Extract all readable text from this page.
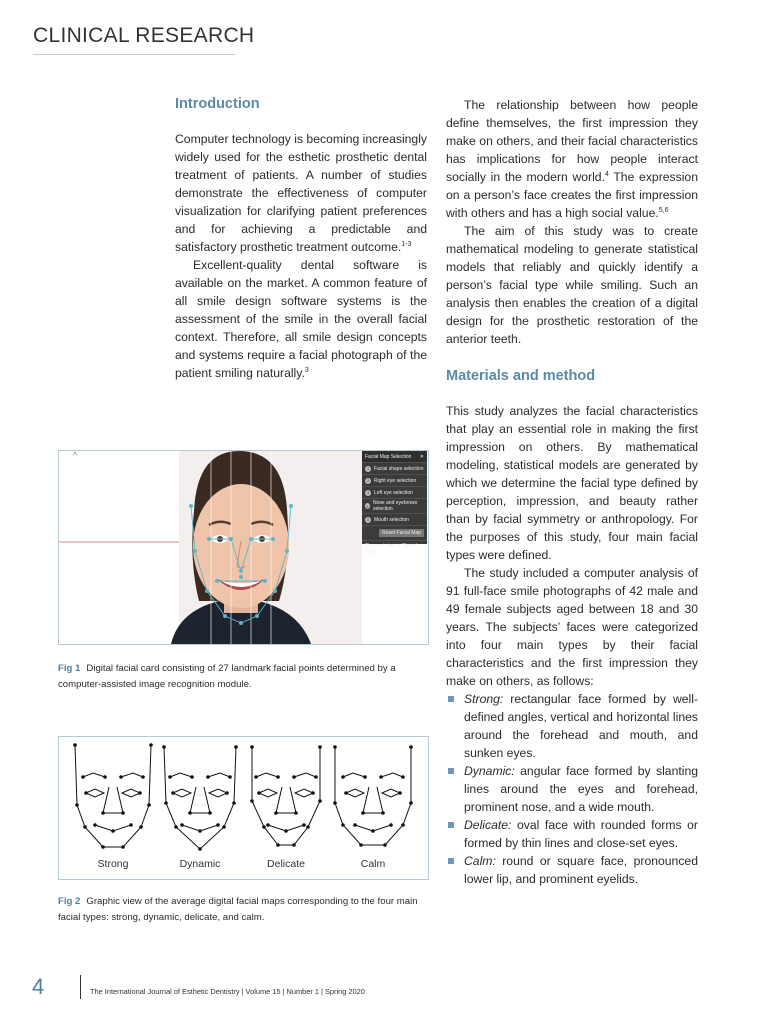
CLINICAL RESEARCH
Introduction

Computer technology is becoming increasingly widely used for the esthetic prosthetic dental treatment of patients. A number of studies demonstrate the effectiveness of computer visualization for clarifying patient preferences and for achieving a predictable and satisfactory prosthetic treatment outcome.$^{1-3}$

Excellent-quality dental software is available on the market. A common feature of all smile design software systems is the assessment of the smile in the overall facial context. Therefore, all smile design concepts and systems require a facial photograph of the patient smiling naturally.$^3$

The relationship between how people define themselves, the first impression they make on others, and their facial characteristics has implications for how people interact socially in the modern world.$^4$ The expression on a person’s face creates the first impression with others and has a high social value.$^{5,6}$

The aim of this study was to create mathematical modeling to generate statistical models that reliably and quickly identify a person’s facial type while smiling. Such an analysis then enables the creation of a digital design for the prosthetic restoration of the anterior teeth.

Materials and method

This study analyzes the facial characteristics that play an essential role in making the first impression on others. By mathematical modeling, statistical models are generated by which we determine the facial type defined by perception, impression, and beauty rather than by facial symmetry or anthropology. For the purposes of this study, four main facial types were defined.

The study included a computer analysis of 91 full-face smile photographs of 42 male and 49 female subjects aged between 18 and 30 years. The subjects’ faces were categorized into four main types by their facial characteristics and the first impression they make on others, as follows:

Strong: rectangular face formed by well-defined angles, vertical and horizontal lines around the forehead and mouth, and sunken eyes.
Dynamic: angular face formed by slanting lines around the eyes and forehead, prominent nose, and a wide mouth.
Delicate: oval face with rounded forms or formed by thin lines and close-set eyes.
Calm: round or square face, pronounced lower lip, and prominent eyelids.
Facial Map Selection ✕
1 Facial shape selection
2 Right eye selection
3 Left eye selection
4 Nose and eyebrows selection
5 Mouth selection
Reset Facial Map
The next step is "Facial type"
Fig 1 Digital facial card consisting of 27 landmark facial points determined by a computer-assisted image recognition module.
Strong	Dynamic	Delicate	Calm
Fig 2 Graphic view of the average digital facial maps corresponding to the four main facial types: strong, dynamic, delicate, and calm.
4	The International Journal of Esthetic Dentistry | Volume 15 | Number 1 | Spring 2020
